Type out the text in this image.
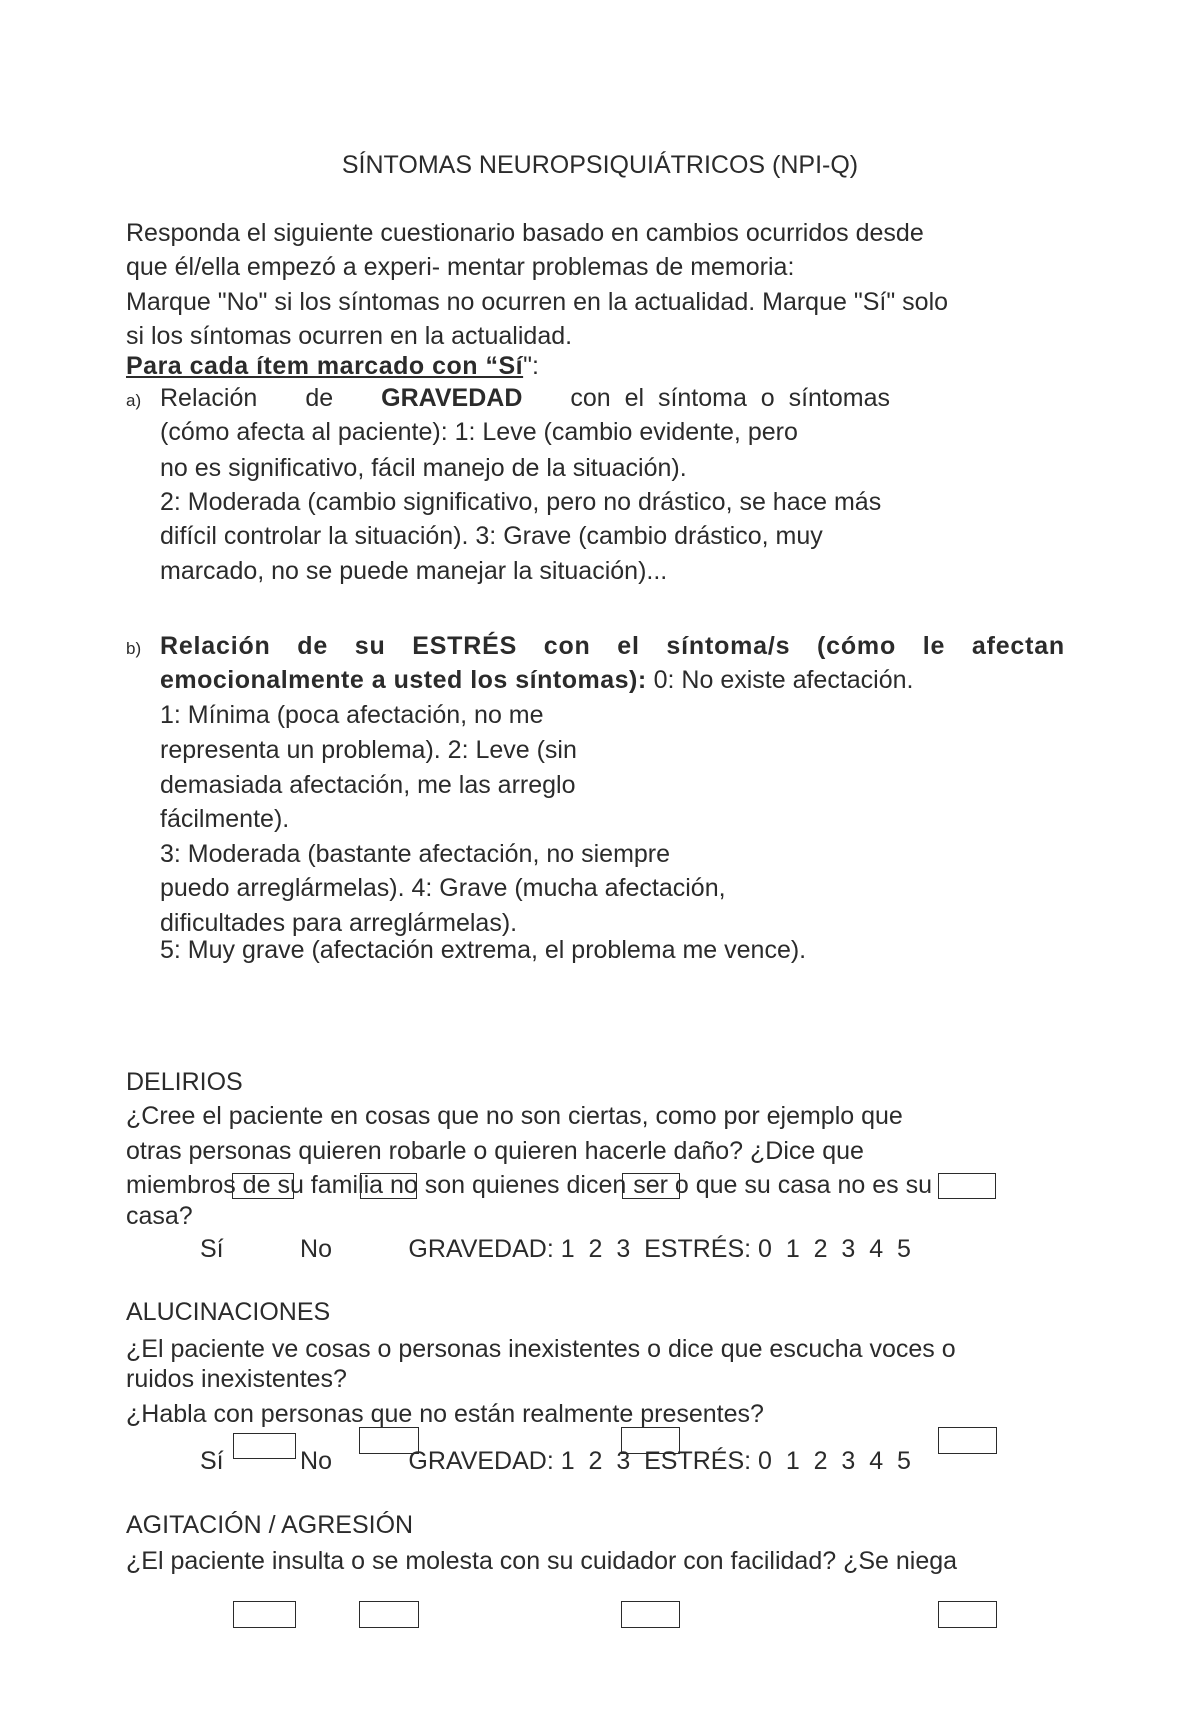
SÍNTOMAS NEUROPSIQUIÁTRICOS (NPI-Q)
Responda el siguiente cuestionario basado en cambios ocurridos desde
que él/ella empezó a experi- mentar problemas de memoria:
Marque "No" si los síntomas no ocurren en la actualidad. Marque "Sí" solo
si los síntomas ocurren en la actualidad.
Para cada ítem marcado con “Sí":
a) Relación de GRAVEDAD con  el  síntoma  o  síntomas
(cómo afecta al paciente): 1: Leve (cambio evidente, pero
no es significativo, fácil manejo de la situación).
2: Moderada (cambio significativo, pero no drástico, se hace más
difícil controlar la situación). 3: Grave (cambio drástico, muy
marcado, no se puede manejar la situación)...
b) Relación de su ESTRÉS con el síntoma/s (cómo le afectan
emocionalmente a usted los síntomas): 0: No existe afectación.
1: Mínima (poca afectación, no me
representa un problema). 2: Leve (sin
demasiada afectación, me las arreglo
fácilmente).
3: Moderada (bastante afectación, no siempre
puedo arreglármelas). 4: Grave (mucha afectación,
dificultades para arreglármelas).
5: Muy grave (afectación extrema, el problema me vence).
DELIRIOS
¿Cree el paciente en cosas que no son ciertas, como por ejemplo que
otras personas quieren robarle o quieren hacerle daño? ¿Dice que
miembros de su familia no son quienes dicen ser o que su casa no es su
casa?
Sí           No           GRAVEDAD: 1  2  3  ESTRÉS: 0  1  2  3  4  5
ALUCINACIONES
¿El paciente ve cosas o personas inexistentes o dice que escucha voces o
ruidos inexistentes?
¿Habla con personas que no están realmente presentes?
Sí           No           GRAVEDAD: 1  2  3  ESTRÉS: 0  1  2  3  4  5
AGITACIÓN / AGRESIÓN
¿El paciente insulta o se molesta con su cuidador con facilidad? ¿Se niega
